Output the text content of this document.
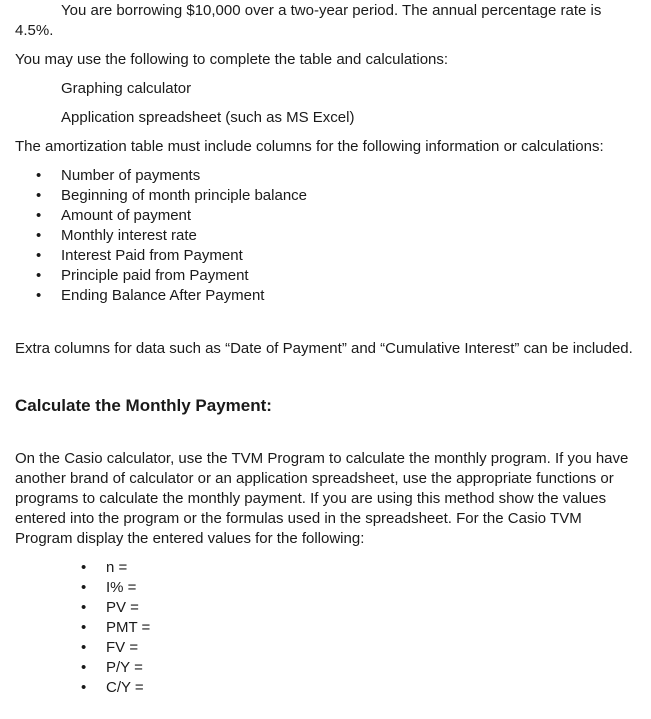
You are borrowing $10,000 over a two-year period. The annual percentage rate is 4.5%.

You may use the following to complete the table and calculations:

Graphing calculator

Application spreadsheet (such as MS Excel)

The amortization table must include columns for the following information or calculations:

• Number of payments
• Beginning of month principle balance
• Amount of payment
• Monthly interest rate
• Interest Paid from Payment
• Principle paid from Payment
• Ending Balance After Payment

Extra columns for data such as “Date of Payment” and “Cumulative Interest” can be included.

Calculate the Monthly Payment:

On the Casio calculator, use the TVM Program to calculate the monthly program. If you have another brand of calculator or an application spreadsheet, use the appropriate functions or programs to calculate the monthly payment. If you are using this method show the values entered into the program or the formulas used in the spreadsheet. For the Casio TVM Program display the entered values for the following:

• n =
• I% =
• PV =
• PMT =
• FV =
• P/Y =
• C/Y =
